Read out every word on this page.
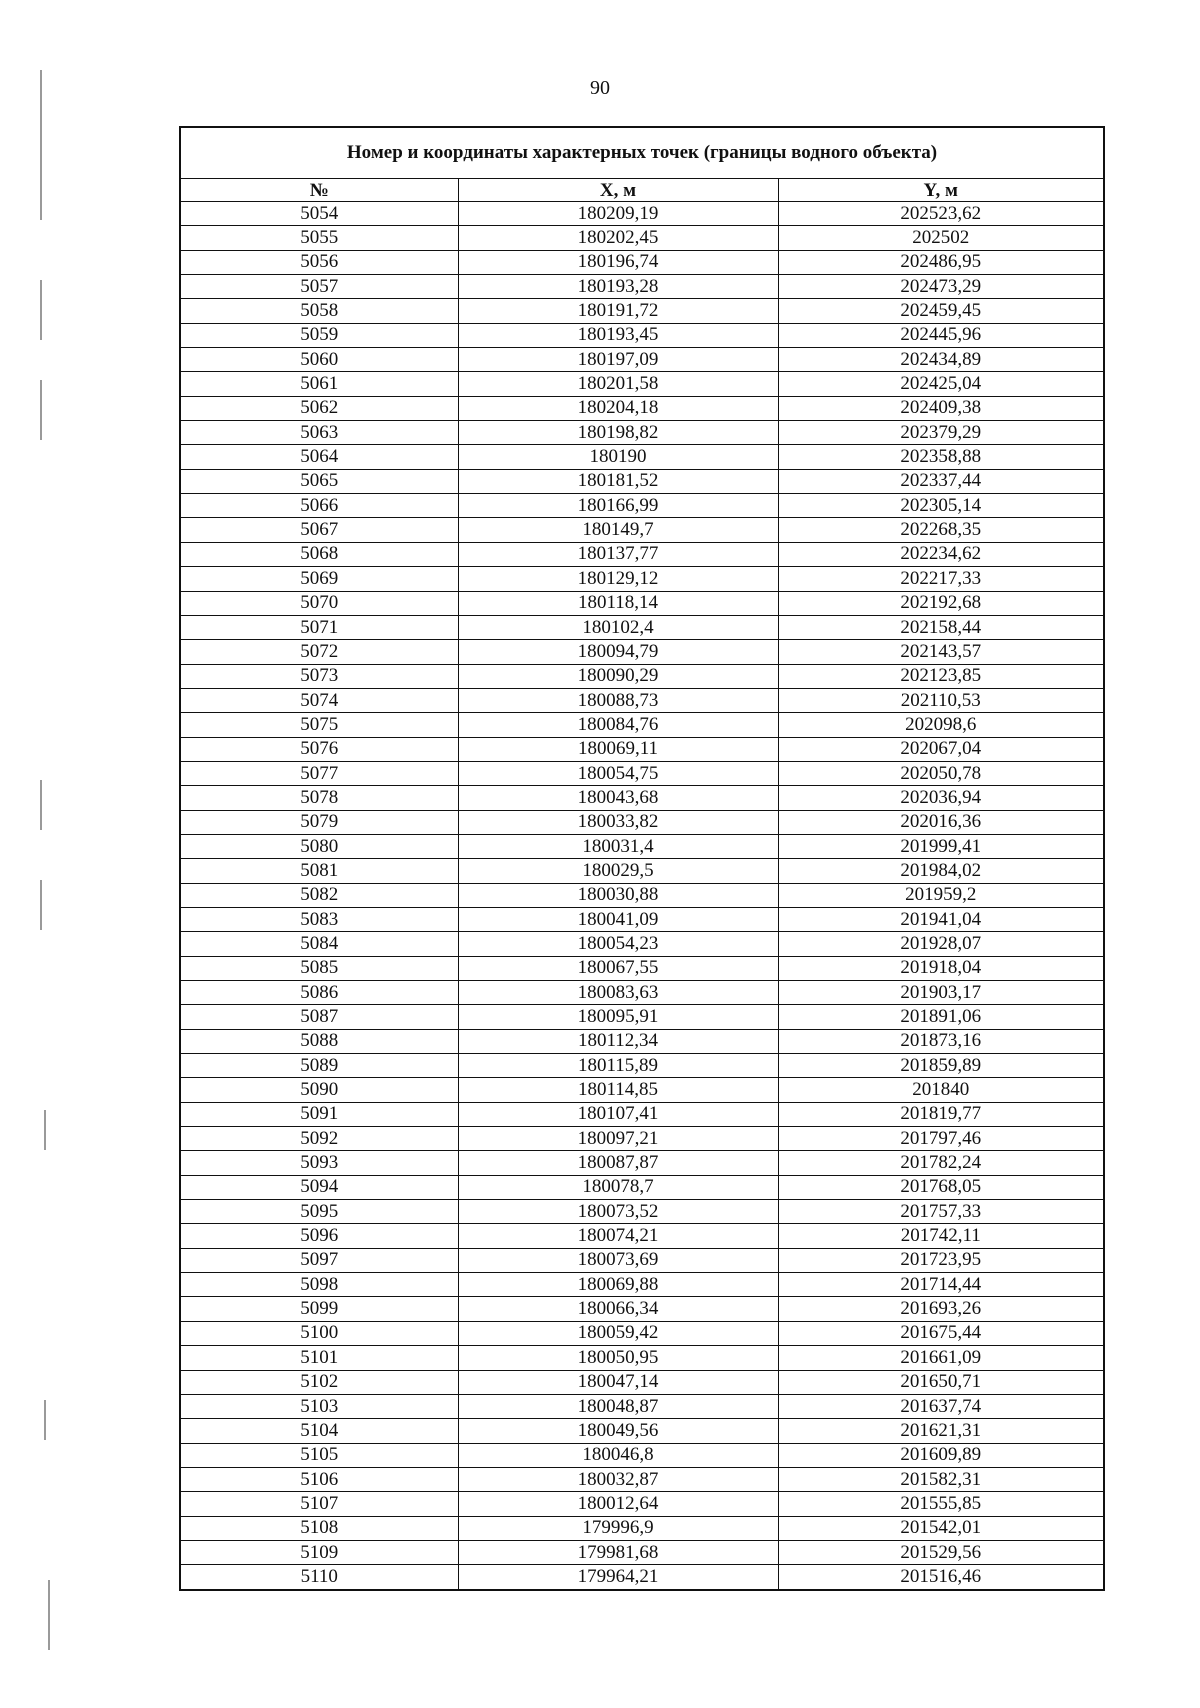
90
Номер и координаты характерных точек (границы водного объекта)		
№	X, м	Y, м
5054	180209,19	202523,62
5055	180202,45	202502
5056	180196,74	202486,95
5057	180193,28	202473,29
5058	180191,72	202459,45
5059	180193,45	202445,96
5060	180197,09	202434,89
5061	180201,58	202425,04
5062	180204,18	202409,38
5063	180198,82	202379,29
5064	180190	202358,88
5065	180181,52	202337,44
5066	180166,99	202305,14
5067	180149,7	202268,35
5068	180137,77	202234,62
5069	180129,12	202217,33
5070	180118,14	202192,68
5071	180102,4	202158,44
5072	180094,79	202143,57
5073	180090,29	202123,85
5074	180088,73	202110,53
5075	180084,76	202098,6
5076	180069,11	202067,04
5077	180054,75	202050,78
5078	180043,68	202036,94
5079	180033,82	202016,36
5080	180031,4	201999,41
5081	180029,5	201984,02
5082	180030,88	201959,2
5083	180041,09	201941,04
5084	180054,23	201928,07
5085	180067,55	201918,04
5086	180083,63	201903,17
5087	180095,91	201891,06
5088	180112,34	201873,16
5089	180115,89	201859,89
5090	180114,85	201840
5091	180107,41	201819,77
5092	180097,21	201797,46
5093	180087,87	201782,24
5094	180078,7	201768,05
5095	180073,52	201757,33
5096	180074,21	201742,11
5097	180073,69	201723,95
5098	180069,88	201714,44
5099	180066,34	201693,26
5100	180059,42	201675,44
5101	180050,95	201661,09
5102	180047,14	201650,71
5103	180048,87	201637,74
5104	180049,56	201621,31
5105	180046,8	201609,89
5106	180032,87	201582,31
5107	180012,64	201555,85
5108	179996,9	201542,01
5109	179981,68	201529,56
5110	179964,21	201516,46
